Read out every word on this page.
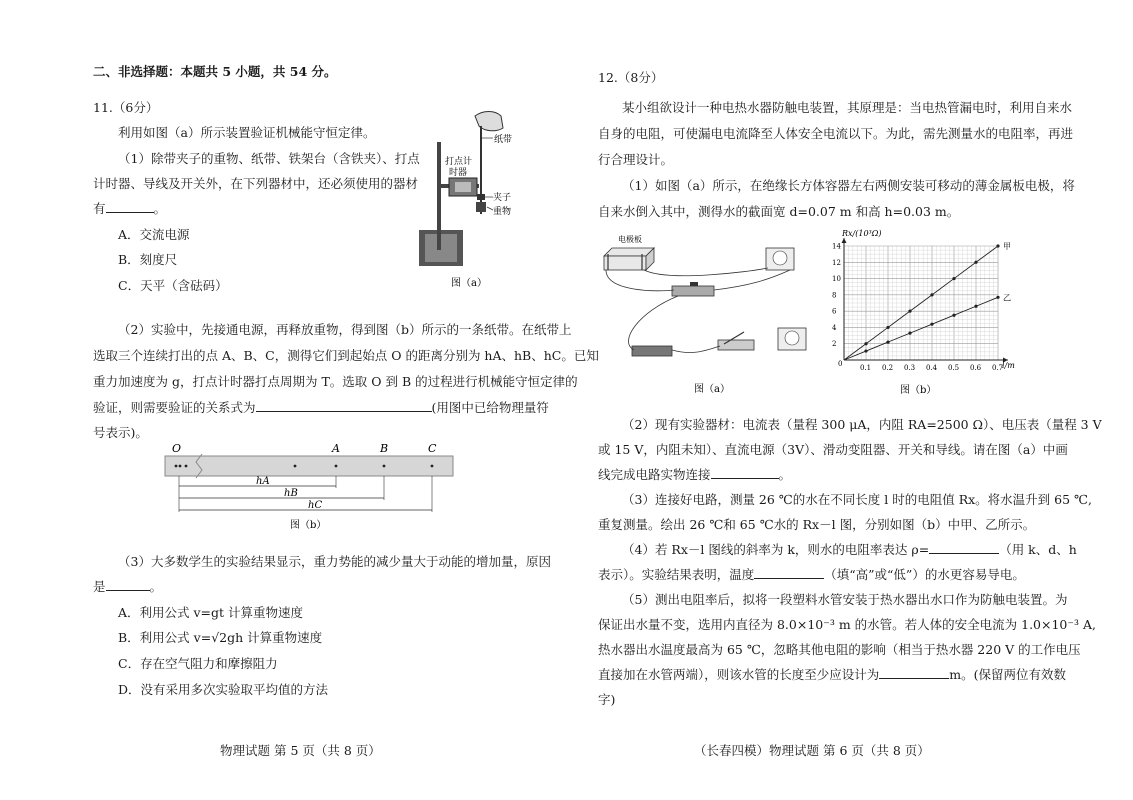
二、非选择题：本题共 5 小题，共 54 分。
11.（6分）
利用如图（a）所示装置验证机械能守恒定律。
（1）除带夹子的重物、纸带、铁架台（含铁夹）、打点
计时器、导线及开关外，在下列器材中，还必须使用的器材
有	。
A．交流电源
B．刻度尺
C．天平（含砝码）
纸带
打点计
时器
夹子
重物
图（a）
（2）实验中，先接通电源，再释放重物，得到图（b）所示的一条纸带。在纸带上
选取三个连续打出的点 A、B、C，测得它们到起始点 O 的距离分别为 hA、hB、hC。已知
重力加速度为 g，打点计时器打点周期为 T。选取 O 到 B 的过程进行机械能守恒定律的
验证，则需要验证的关系式为	(用图中已给物理量符
号表示)。
O	A	B	C
hA
hB
hC
图（b）
（3）大多数学生的实验结果显示，重力势能的减少量大于动能的增加量，原因
是	。
A．利用公式 v=gt 计算重物速度
B．利用公式 v=√2gh 计算重物速度
C．存在空气阻力和摩擦阻力
D．没有采用多次实验取平均值的方法
物理试题 第 5 页（共 8 页）
12.（8分）
某小组欲设计一种电热水器防触电装置，其原理是：当电热管漏电时，利用自来水
自身的电阻，可使漏电电流降至人体安全电流以下。为此，需先测量水的电阻率，再进
行合理设计。
（1）如图（a）所示，在绝缘长方体容器左右两侧安装可移动的薄金属板电极，将
自来水倒入其中，测得水的截面宽 d=0.07 m 和高 h=0.03 m。
电极板
图（a）
0.1 0.2 0.3 0.4 0.5 0.6 0.7
2
4
6
8
10
12
14	甲
乙
Rx/(10³Ω)
l/m
0
图（b）
（2）现有实验器材：电流表（量程 300 μA，内阻 RA=2500 Ω）、电压表（量程 3 V
或 15 V，内阻未知）、直流电源（3V）、滑动变阻器、开关和导线。请在图（a）中画
线完成电路实物连接	。
（3）连接好电路，测量 26 ℃的水在不同长度 l 时的电阻值 Rx。将水温升到 65 ℃,
重复测量。绘出 26 ℃和 65 ℃水的 Rx－l 图，分别如图（b）中甲、乙所示。
（4）若 Rx－l 图线的斜率为 k，则水的电阻率表达 ρ=	（用 k、d、h
表示）。实验结果表明，温度	（填“高”或“低”）的水更容易导电。
（5）测出电阻率后，拟将一段塑料水管安装于热水器出水口作为防触电装置。为
保证出水量不变，选用内直径为 8.0×10⁻³ m 的水管。若人体的安全电流为 1.0×10⁻³ A,
热水器出水温度最高为 65 ℃，忽略其他电阻的影响（相当于热水器 220 V 的工作电压
直接加在水管两端），则该水管的长度至少应设计为	m。(保留两位有效数
字)
（长春四模）物理试题 第 6 页（共 8 页）
